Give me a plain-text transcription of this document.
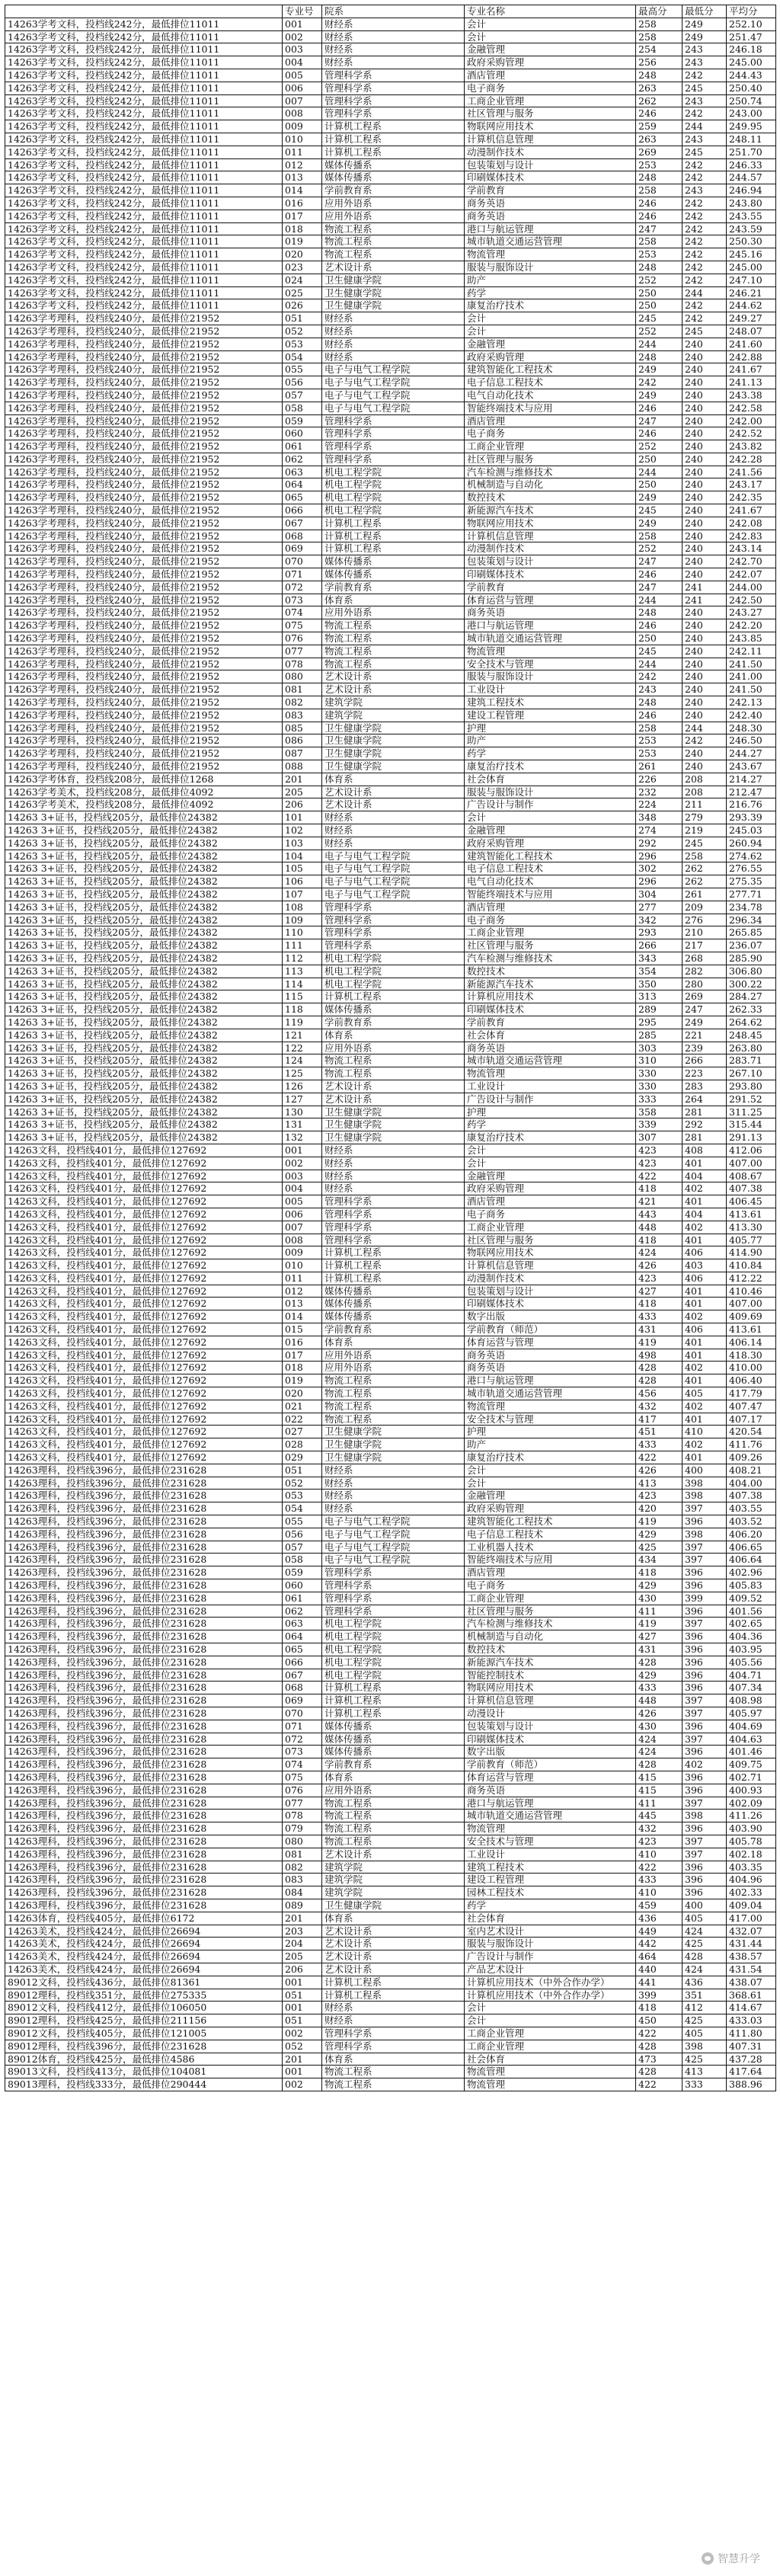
	专业号	院系	专业名称	最高分	最低分	平均分
14263学考文科，投档线242分，最低排位11011	001	财经系	会计	258	249	252.10
14263学考文科，投档线242分，最低排位11011	002	财经系	会计	258	249	251.47
14263学考文科，投档线242分，最低排位11011	003	财经系	金融管理	254	243	246.18
14263学考文科，投档线242分，最低排位11011	004	财经系	政府采购管理	256	243	245.00
14263学考文科，投档线242分，最低排位11011	005	管理科学系	酒店管理	248	242	244.43
14263学考文科，投档线242分，最低排位11011	006	管理科学系	电子商务	263	245	250.40
14263学考文科，投档线242分，最低排位11011	007	管理科学系	工商企业管理	262	243	250.74
14263学考文科，投档线242分，最低排位11011	008	管理科学系	社区管理与服务	246	242	243.00
14263学考文科，投档线242分，最低排位11011	009	计算机工程系	物联网应用技术	259	244	249.95
14263学考文科，投档线242分，最低排位11011	010	计算机工程系	计算机信息管理	263	243	248.11
14263学考文科，投档线242分，最低排位11011	011	计算机工程系	动漫制作技术	269	245	251.70
14263学考文科，投档线242分，最低排位11011	012	媒体传播系	包装策划与设计	253	242	246.33
14263学考文科，投档线242分，最低排位11011	013	媒体传播系	印刷媒体技术	248	242	244.57
14263学考文科，投档线242分，最低排位11011	014	学前教育系	学前教育	258	243	246.94
14263学考文科，投档线242分，最低排位11011	016	应用外语系	商务英语	246	242	243.80
14263学考文科，投档线242分，最低排位11011	017	应用外语系	商务英语	246	242	243.55
14263学考文科，投档线242分，最低排位11011	018	物流工程系	港口与航运管理	247	242	243.59
14263学考文科，投档线242分，最低排位11011	019	物流工程系	城市轨道交通运营管理	258	242	250.30
14263学考文科，投档线242分，最低排位11011	020	物流工程系	物流管理	253	242	245.16
14263学考文科，投档线242分，最低排位11011	023	艺术设计系	服装与服饰设计	248	242	245.00
14263学考文科，投档线242分，最低排位11011	024	卫生健康学院	助产	252	242	247.10
14263学考文科，投档线242分，最低排位11011	025	卫生健康学院	药学	250	244	246.21
14263学考文科，投档线242分，最低排位11011	026	卫生健康学院	康复治疗技术	250	242	244.62
14263学考理科，投档线240分，最低排位21952	051	财经系	会计	245	242	249.27
14263学考理科，投档线240分，最低排位21952	052	财经系	会计	252	245	248.07
14263学考理科，投档线240分，最低排位21952	053	财经系	金融管理	244	240	241.60
14263学考理科，投档线240分，最低排位21952	054	财经系	政府采购管理	248	240	242.88
14263学考理科，投档线240分，最低排位21952	055	电子与电气工程学院	建筑智能化工程技术	249	240	241.67
14263学考理科，投档线240分，最低排位21952	056	电子与电气工程学院	电子信息工程技术	242	240	241.13
14263学考理科，投档线240分，最低排位21952	057	电子与电气工程学院	电气自动化技术	249	240	243.38
14263学考理科，投档线240分，最低排位21952	058	电子与电气工程学院	智能终端技术与应用	246	240	242.58
14263学考理科，投档线240分，最低排位21952	059	管理科学系	酒店管理	247	240	242.00
14263学考理科，投档线240分，最低排位21952	060	管理科学系	电子商务	246	240	242.52
14263学考理科，投档线240分，最低排位21952	061	管理科学系	工商企业管理	252	240	243.82
14263学考理科，投档线240分，最低排位21952	062	管理科学系	社区管理与服务	250	240	242.28
14263学考理科，投档线240分，最低排位21952	063	机电工程学院	汽车检测与维修技术	244	240	241.56
14263学考理科，投档线240分，最低排位21952	064	机电工程学院	机械制造与自动化	250	240	243.17
14263学考理科，投档线240分，最低排位21952	065	机电工程学院	数控技术	249	240	242.35
14263学考理科，投档线240分，最低排位21952	066	机电工程学院	新能源汽车技术	245	240	241.67
14263学考理科，投档线240分，最低排位21952	067	计算机工程系	物联网应用技术	249	240	242.08
14263学考理科，投档线240分，最低排位21952	068	计算机工程系	计算机信息管理	258	240	242.83
14263学考理科，投档线240分，最低排位21952	069	计算机工程系	动漫制作技术	252	240	243.14
14263学考理科，投档线240分，最低排位21952	070	媒体传播系	包装策划与设计	247	240	242.70
14263学考理科，投档线240分，最低排位21952	071	媒体传播系	印刷媒体技术	246	240	242.07
14263学考理科，投档线240分，最低排位21952	072	学前教育系	学前教育	247	241	244.00
14263学考理科，投档线240分，最低排位21952	073	体育系	体育运营与管理	244	241	242.50
14263学考理科，投档线240分，最低排位21952	074	应用外语系	商务英语	248	240	243.27
14263学考理科，投档线240分，最低排位21952	075	物流工程系	港口与航运管理	246	240	242.20
14263学考理科，投档线240分，最低排位21952	076	物流工程系	城市轨道交通运营管理	250	240	243.85
14263学考理科，投档线240分，最低排位21952	077	物流工程系	物流管理	245	240	242.11
14263学考理科，投档线240分，最低排位21952	078	物流工程系	安全技术与管理	244	240	241.50
14263学考理科，投档线240分，最低排位21952	080	艺术设计系	服装与服饰设计	242	240	241.00
14263学考理科，投档线240分，最低排位21952	081	艺术设计系	工业设计	243	240	241.50
14263学考理科，投档线240分，最低排位21952	082	建筑学院	建筑工程技术	248	240	242.13
14263学考理科，投档线240分，最低排位21952	083	建筑学院	建设工程管理	246	240	242.40
14263学考理科，投档线240分，最低排位21952	085	卫生健康学院	护理	258	244	248.30
14263学考理科，投档线240分，最低排位21952	086	卫生健康学院	助产	253	242	246.50
14263学考理科，投档线240分，最低排位21952	087	卫生健康学院	药学	253	240	244.27
14263学考理科，投档线240分，最低排位21952	088	卫生健康学院	康复治疗技术	261	240	243.67
14263学考体育，投档线208分，最低排位1268	201	体育系	社会体育	226	208	214.27
14263学考美术，投档线208分，最低排位4092	205	艺术设计系	服装与服饰设计	232	208	212.47
14263学考美术，投档线208分，最低排位4092	206	艺术设计系	广告设计与制作	224	211	216.76
14263 3+证书，投档线205分，最低排位24382	101	财经系	会计	348	279	293.39
14263 3+证书，投档线205分，最低排位24382	102	财经系	金融管理	274	219	245.03
14263 3+证书，投档线205分，最低排位24382	103	财经系	政府采购管理	292	245	260.94
14263 3+证书，投档线205分，最低排位24382	104	电子与电气工程学院	建筑智能化工程技术	296	258	274.62
14263 3+证书，投档线205分，最低排位24382	105	电子与电气工程学院	电子信息工程技术	302	262	276.55
14263 3+证书，投档线205分，最低排位24382	106	电子与电气工程学院	电气自动化技术	296	262	275.35
14263 3+证书，投档线205分，最低排位24382	107	电子与电气工程学院	智能终端技术与应用	304	261	277.71
14263 3+证书，投档线205分，最低排位24382	108	管理科学系	酒店管理	277	209	234.78
14263 3+证书，投档线205分，最低排位24382	109	管理科学系	电子商务	342	276	296.34
14263 3+证书，投档线205分，最低排位24382	110	管理科学系	工商企业管理	293	210	265.85
14263 3+证书，投档线205分，最低排位24382	111	管理科学系	社区管理与服务	266	217	236.07
14263 3+证书，投档线205分，最低排位24382	112	机电工程学院	汽车检测与维修技术	343	268	285.90
14263 3+证书，投档线205分，最低排位24382	113	机电工程学院	数控技术	354	282	306.80
14263 3+证书，投档线205分，最低排位24382	114	机电工程学院	新能源汽车技术	350	280	300.22
14263 3+证书，投档线205分，最低排位24382	115	计算机工程系	计算机应用技术	313	269	284.27
14263 3+证书，投档线205分，最低排位24382	118	媒体传播系	印刷媒体技术	289	247	262.33
14263 3+证书，投档线205分，最低排位24382	119	学前教育系	学前教育	295	249	264.62
14263 3+证书，投档线205分，最低排位24382	121	体育系	社会体育	285	221	248.45
14263 3+证书，投档线205分，最低排位24382	122	应用外语系	商务英语	303	239	263.80
14263 3+证书，投档线205分，最低排位24382	124	物流工程系	城市轨道交通运营管理	310	266	283.71
14263 3+证书，投档线205分，最低排位24382	125	物流工程系	物流管理	330	223	267.10
14263 3+证书，投档线205分，最低排位24382	126	艺术设计系	工业设计	330	283	293.80
14263 3+证书，投档线205分，最低排位24382	127	艺术设计系	广告设计与制作	333	264	291.52
14263 3+证书，投档线205分，最低排位24382	130	卫生健康学院	护理	358	281	311.25
14263 3+证书，投档线205分，最低排位24382	131	卫生健康学院	药学	339	292	315.44
14263 3+证书，投档线205分，最低排位24382	132	卫生健康学院	康复治疗技术	307	281	291.13
14263文科，投档线401分，最低排位127692	001	财经系	会计	423	408	412.06
14263文科，投档线401分，最低排位127692	002	财经系	会计	423	401	407.00
14263文科，投档线401分，最低排位127692	003	财经系	金融管理	422	404	408.67
14263文科，投档线401分，最低排位127692	004	财经系	政府采购管理	418	402	407.38
14263文科，投档线401分，最低排位127692	005	管理科学系	酒店管理	421	401	406.45
14263文科，投档线401分，最低排位127692	006	管理科学系	电子商务	443	404	413.61
14263文科，投档线401分，最低排位127692	007	管理科学系	工商企业管理	448	402	413.30
14263文科，投档线401分，最低排位127692	008	管理科学系	社区管理与服务	418	401	405.77
14263文科，投档线401分，最低排位127692	009	计算机工程系	物联网应用技术	424	406	414.90
14263文科，投档线401分，最低排位127692	010	计算机工程系	计算机信息管理	426	403	410.84
14263文科，投档线401分，最低排位127692	011	计算机工程系	动漫制作技术	423	406	412.22
14263文科，投档线401分，最低排位127692	012	媒体传播系	包装策划与设计	427	401	410.46
14263文科，投档线401分，最低排位127692	013	媒体传播系	印刷媒体技术	418	401	407.00
14263文科，投档线401分，最低排位127692	014	媒体传播系	数字出版	433	402	409.69
14263文科，投档线401分，最低排位127692	015	学前教育系	学前教育（师范）	431	406	413.61
14263文科，投档线401分，最低排位127692	016	体育系	体育运营与管理	419	401	406.14
14263文科，投档线401分，最低排位127692	017	应用外语系	商务英语	498	401	418.30
14263文科，投档线401分，最低排位127692	018	应用外语系	商务英语	428	402	410.00
14263文科，投档线401分，最低排位127692	019	物流工程系	港口与航运管理	428	401	406.40
14263文科，投档线401分，最低排位127692	020	物流工程系	城市轨道交通运营管理	456	405	417.79
14263文科，投档线401分，最低排位127692	021	物流工程系	物流管理	432	402	407.47
14263文科，投档线401分，最低排位127692	022	物流工程系	安全技术与管理	417	401	407.17
14263文科，投档线401分，最低排位127692	027	卫生健康学院	护理	451	410	420.54
14263文科，投档线401分，最低排位127692	028	卫生健康学院	助产	433	402	411.76
14263文科，投档线401分，最低排位127692	029	卫生健康学院	康复治疗技术	422	401	409.26
14263理科，投档线396分，最低排位231628	051	财经系	会计	426	400	408.21
14263理科，投档线396分，最低排位231628	052	财经系	会计	413	398	404.00
14263理科，投档线396分，最低排位231628	053	财经系	金融管理	423	398	407.38
14263理科，投档线396分，最低排位231628	054	财经系	政府采购管理	420	397	403.55
14263理科，投档线396分，最低排位231628	055	电子与电气工程学院	建筑智能化工程技术	419	396	403.52
14263理科，投档线396分，最低排位231628	056	电子与电气工程学院	电子信息工程技术	429	398	406.20
14263理科，投档线396分，最低排位231628	057	电子与电气工程学院	工业机器人技术	425	397	406.65
14263理科，投档线396分，最低排位231628	058	电子与电气工程学院	智能终端技术与应用	434	397	406.64
14263理科，投档线396分，最低排位231628	059	管理科学系	酒店管理	418	396	402.96
14263理科，投档线396分，最低排位231628	060	管理科学系	电子商务	429	396	405.83
14263理科，投档线396分，最低排位231628	061	管理科学系	工商企业管理	430	399	409.52
14263理科，投档线396分，最低排位231628	062	管理科学系	社区管理与服务	411	396	401.56
14263理科，投档线396分，最低排位231628	063	机电工程学院	汽车检测与维修技术	419	397	402.65
14263理科，投档线396分，最低排位231628	064	机电工程学院	机械制造与自动化	427	396	404.36
14263理科，投档线396分，最低排位231628	065	机电工程学院	数控技术	431	396	403.95
14263理科，投档线396分，最低排位231628	066	机电工程学院	新能源汽车技术	428	396	405.56
14263理科，投档线396分，最低排位231628	067	机电工程学院	智能控制技术	429	396	404.71
14263理科，投档线396分，最低排位231628	068	计算机工程系	物联网应用技术	433	396	407.34
14263理科，投档线396分，最低排位231628	069	计算机工程系	计算机信息管理	448	397	408.98
14263理科，投档线396分，最低排位231628	070	计算机工程系	动漫设计	426	397	405.97
14263理科，投档线396分，最低排位231628	071	媒体传播系	包装策划与设计	430	396	404.69
14263理科，投档线396分，最低排位231628	072	媒体传播系	印刷媒体技术	424	397	404.63
14263理科，投档线396分，最低排位231628	073	媒体传播系	数字出版	424	396	401.46
14263理科，投档线396分，最低排位231628	074	学前教育系	学前教育（师范）	428	402	409.75
14263理科，投档线396分，最低排位231628	075	体育系	体育运营与管理	415	396	402.71
14263理科，投档线396分，最低排位231628	076	应用外语系	商务英语	415	396	400.93
14263理科，投档线396分，最低排位231628	077	物流工程系	港口与航运管理	411	397	402.09
14263理科，投档线396分，最低排位231628	078	物流工程系	城市轨道交通运营管理	445	398	411.26
14263理科，投档线396分，最低排位231628	079	物流工程系	物流管理	432	396	403.90
14263理科，投档线396分，最低排位231628	080	物流工程系	安全技术与管理	423	397	405.78
14263理科，投档线396分，最低排位231628	081	艺术设计系	工业设计	410	397	402.18
14263理科，投档线396分，最低排位231628	082	建筑学院	建筑工程技术	422	396	403.35
14263理科，投档线396分，最低排位231628	083	建筑学院	建设工程管理	433	396	404.96
14263理科，投档线396分，最低排位231628	084	建筑学院	园林工程技术	410	396	402.33
14263理科，投档线396分，最低排位231628	089	卫生健康学院	药学	459	400	409.04
14263体育，投档线405分，最低排位6172	201	体育系	社会体育	436	405	417.00
14263美术，投档线424分，最低排位26694	203	艺术设计系	室内艺术设计	449	424	432.07
14263美术，投档线424分，最低排位26694	204	艺术设计系	服装与服饰设计	442	425	431.44
14263美术，投档线424分，最低排位26694	205	艺术设计系	广告设计与制作	464	428	438.57
14263美术，投档线424分，最低排位26694	206	艺术设计系	产品艺术设计	440	424	431.54
89012文科，投档线436分，最低排位81361	001	计算机工程系	计算机应用技术（中外合作办学）	441	436	438.07
89012理科，投档线351分，最低排位275335	051	计算机工程系	计算机应用技术（中外合作办学）	399	351	368.61
89012文科，投档线412分，最低排位106050	001	财经系	会计	418	412	414.67
89012理科，投档线425分，最低排位211156	051	财经系	会计	450	425	433.03
89012文科，投档线405分，最低排位121005	002	管理科学系	工商企业管理	422	405	411.80
89012理科，投档线396分，最低排位231628	052	管理科学系	工商企业管理	428	398	407.31
89012体育，投档线425分，最低排位4586	201	体育系	社会体育	473	425	437.28
89013文科，投档线413分，最低排位104081	001	物流工程系	物流管理	428	413	417.64
89013理科，投档线333分，最低排位290444	002	物流工程系	物流管理	422	333	388.96
智慧升学
